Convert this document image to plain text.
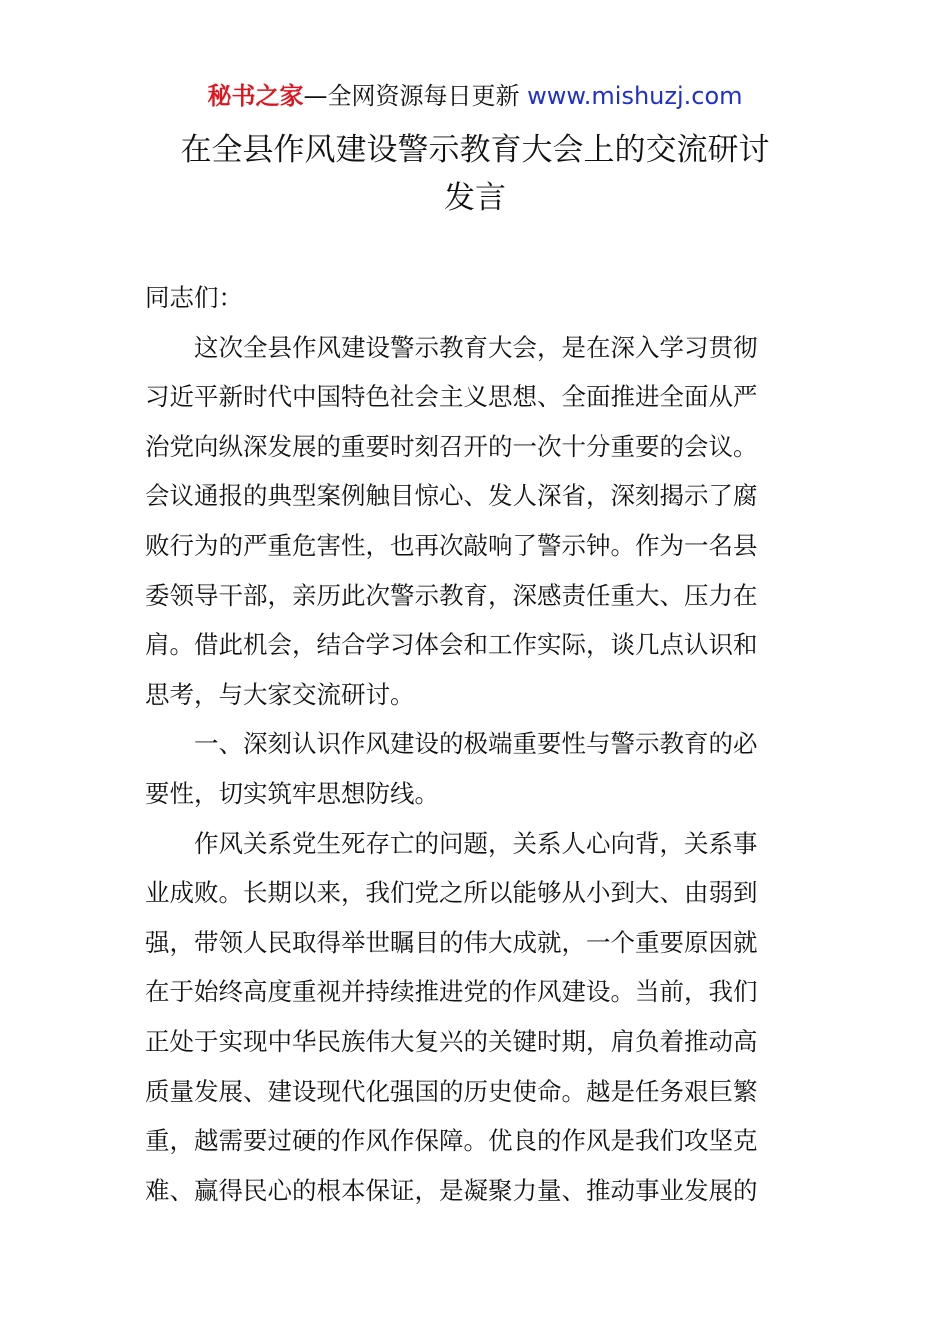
秘书之家—全网资源每日更新 www.mishuzj.com
在全县作风建设警示教育大会上的交流研讨
发言
同志们：
这次全县作风建设警示教育大会，是在深入学习贯彻
习近平新时代中国特色社会主义思想、全面推进全面从严
治党向纵深发展的重要时刻召开的一次十分重要的会议。
会议通报的典型案例触目惊心、发人深省，深刻揭示了腐
败行为的严重危害性，也再次敲响了警示钟。作为一名县
委领导干部，亲历此次警示教育，深感责任重大、压力在
肩。借此机会，结合学习体会和工作实际，谈几点认识和
思考，与大家交流研讨。
一、深刻认识作风建设的极端重要性与警示教育的必
要性，切实筑牢思想防线。
作风关系党生死存亡的问题，关系人心向背，关系事
业成败。长期以来，我们党之所以能够从小到大、由弱到
强，带领人民取得举世瞩目的伟大成就，一个重要原因就
在于始终高度重视并持续推进党的作风建设。当前，我们
正处于实现中华民族伟大复兴的关键时期，肩负着推动高
质量发展、建设现代化强国的历史使命。越是任务艰巨繁
重，越需要过硬的作风作保障。优良的作风是我们攻坚克
难、赢得民心的根本保证，是凝聚力量、推动事业发展的
